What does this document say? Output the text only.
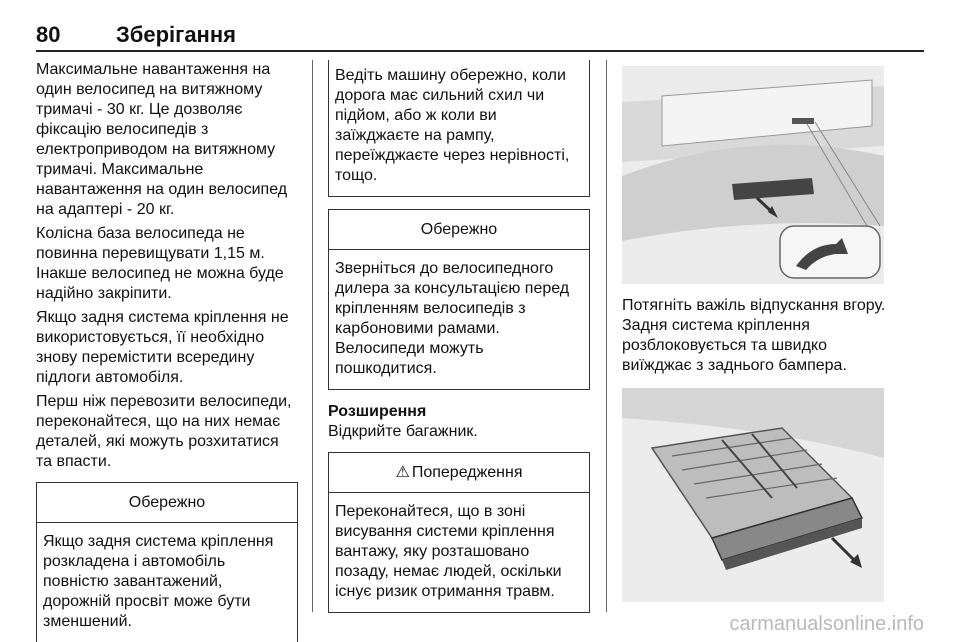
80	Зберігання

Максимальне навантаження на один велосипед на витяжному тримачі - 30 кг. Це дозволяє фіксацію велосипедів з електроприводом на витяжному тримачі. Максимальне навантаження на один велосипед на адаптері - 20 кг.

Колісна база велосипеда не повинна перевищувати 1,15 м. Інакше велосипед не можна буде надійно закріпити.

Якщо задня система кріплення не використовується, її необхідно знову перемістити всередину підлоги автомобіля.

Перш ніж перевозити велосипеди, переконайтеся, що на них немає деталей, які можуть розхитатися та впасти.

Обережно
Якщо задня система кріплення розкладена і автомобіль повністю завантажений, дорожній просвіт може бути зменшений.
Ведіть машину обережно, коли дорога має сильний схил чи підйом, або ж коли ви заїжджаєте на рампу, переїжджаєте через нерівності, тощо.
Обережно
Зверніться до велосипедного дилера за консультацією перед кріпленням велосипедів з карбоновими рамами. Велосипеди можуть пошкодитися.

Розширення

Відкрийте багажник.

⚠ Попередження
Переконайтеся, що в зоні висування системи кріплення вантажу, яку розташовано позаду, немає людей, оскільки існує ризик отримання травм.

Потягніть важіль відпускання вгору. Задня система кріплення розблоковується та швидко виїжджає з заднього бампера.

carmanualsonline.info
